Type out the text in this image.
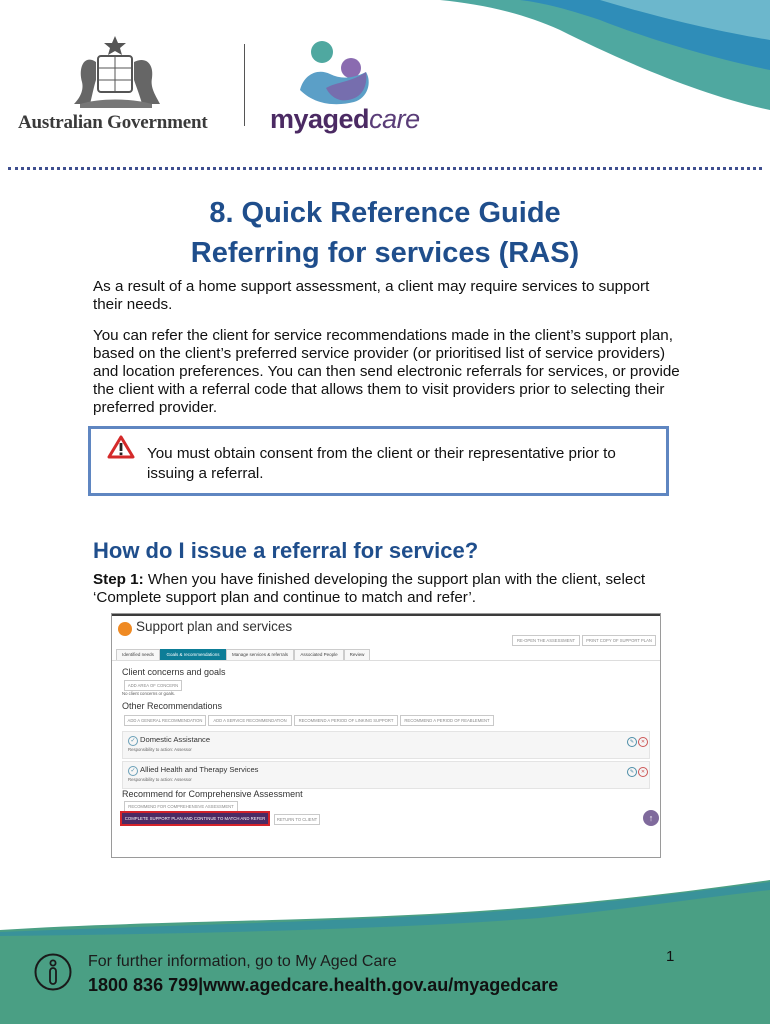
Australian Government myagedcare
8. Quick Reference Guide
Referring for services (RAS)
As a result of a home support assessment, a client may require services to support their needs.
You can refer the client for service recommendations made in the client’s support plan, based on the client’s preferred service provider (or prioritised list of service providers) and location preferences. You can then send electronic referrals for services, or provide the client with a referral code that allows them to visit providers prior to selecting their preferred provider.
You must obtain consent from the client or their representative prior to issuing a referral.
How do I issue a referral for service?
Step 1: When you have finished developing the support plan with the client, select ‘Complete support plan and continue to match and refer’.
Support plan and services
RE-OPEN THE ASSESSMENT	PRINT COPY OF SUPPORT PLAN
Identified needs	Goals & recommendations	Manage services & referrals	Associated People	Review
Client concerns and goals
ADD AREA OF CONCERN
No client concerns or goals.
Other Recommendations
ADD A GENERAL RECOMMENDATION	ADD A SERVICE RECOMMENDATION	RECOMMEND A PERIOD OF LINKING SUPPORT	RECOMMEND A PERIOD OF REABLEMENT
✓ Domestic Assistance
Responsibility to action: Assessor
✎	✕
✓ Allied Health and Therapy Services
Responsibility to action: Assessor
✎	✕
Recommend for Comprehensive Assessment
RECOMMEND FOR COMPREHENSIVE ASSESSMENT
COMPLETE SUPPORT PLAN AND CONTINUE TO MATCH AND REFER	RETURN TO CLIENT	↑
1
For further information, go to My Aged Care
1800 836 799|www.agedcare.health.gov.au/myagedcare
